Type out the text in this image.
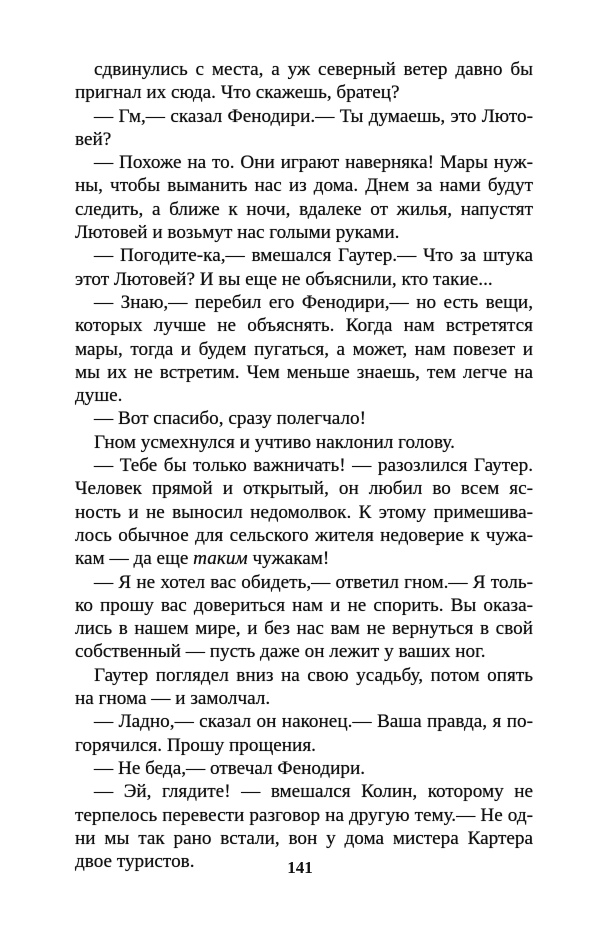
сдвинулись с места, а уж северный ветер давно бы
пригнал их сюда. Что скажешь, братец?
— Гм,— сказал Фенодири.— Ты думаешь, это Люто-
вей?
— Похоже на то. Они играют наверняка! Мары нуж-
ны, чтобы выманить нас из дома. Днем за нами будут
следить, а ближе к ночи, вдалеке от жилья, напустят
Лютовей и возьмут нас голыми руками.
— Погодите-ка,— вмешался Гаутер.— Что за штука
этот Лютовей? И вы еще не объяснили, кто такие...
— Знаю,— перебил его Фенодири,— но есть вещи,
которых лучше не объяснять. Когда нам встретятся
мары, тогда и будем пугаться, а может, нам повезет и
мы их не встретим. Чем меньше знаешь, тем легче на
душе.
— Вот спасибо, сразу полегчало!
Гном усмехнулся и учтиво наклонил голову.
— Тебе бы только важничать! — разозлился Гаутер.
Человек прямой и открытый, он любил во всем яс-
ность и не выносил недомолвок. К этому примешива-
лось обычное для сельского жителя недоверие к чужа-
кам — да еще таким чужакам!
— Я не хотел вас обидеть,— ответил гном.— Я толь-
ко прошу вас довериться нам и не спорить. Вы оказа-
лись в нашем мире, и без нас вам не вернуться в свой
собственный — пусть даже он лежит у ваших ног.
Гаутер поглядел вниз на свою усадьбу, потом опять
на гнома — и замолчал.
— Ладно,— сказал он наконец.— Ваша правда, я по-
горячился. Прошу прощения.
— Не беда,— отвечал Фенодири.
— Эй, глядите! — вмешался Колин, которому не
терпелось перевести разговор на другую тему.— Не од-
ни мы так рано встали, вон у дома мистера Картера
двое туристов.	141
